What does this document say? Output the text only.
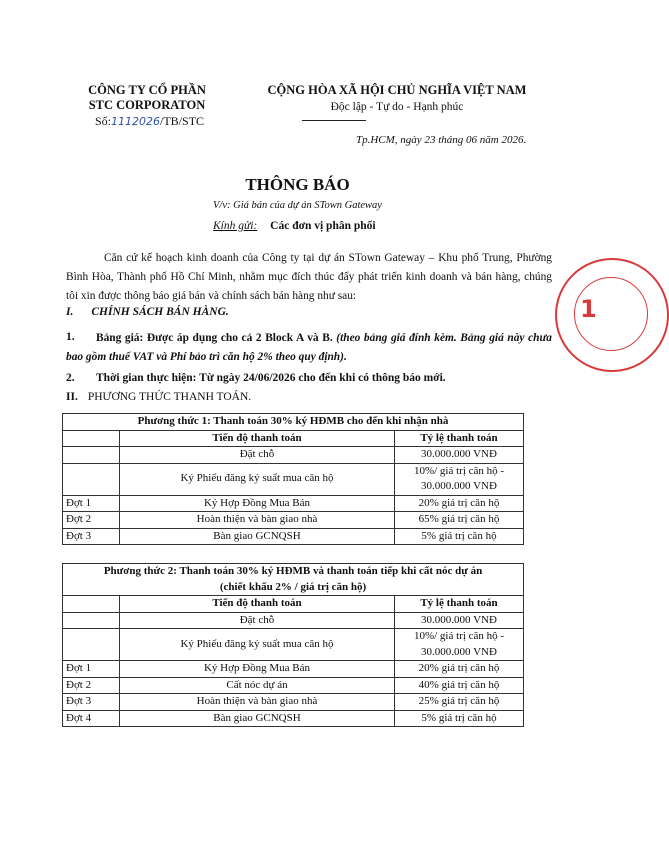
CÔNG TY CỔ PHẦN
STC CORPORATON
Số:1112026/TB/STC
CỘNG HÒA XÃ HỘI CHỦ NGHĨA VIỆT NAM
Độc lập - Tự do - Hạnh phúc
Tp.HCM, ngày 23 tháng 06 năm 2026.
THÔNG BÁO
V/v: Giá bán của dự án STown Gateway
Kính gửi: Các đơn vị phân phối

Căn cứ kế hoạch kinh doanh của Công ty tại dự án STown Gateway – Khu phố Trung, Phường Bình Hòa, Thành phố Hồ Chí Minh, nhằm mục đích thúc đẩy phát triển kinh doanh và bán hàng, chúng tôi xin được thông báo giá bán và chính sách bán hàng như sau:

I. CHÍNH SÁCH BÁN HÀNG.
1.	Bảng giá: Được áp dụng cho cả 2 Block A và B. (theo bảng giá đính kèm. Bảng giá này chưa bao gồm thuế VAT và Phí bảo trì căn hộ 2% theo quy định).

2. Thời gian thực hiện: Từ ngày 24/06/2026 cho đến khi có thông báo mới.
II. PHƯƠNG THỨC THANH TOÁN.
Phương thức 1: Thanh toán 30% ký HĐMB cho đến khi nhận nhà		
	Tiến độ thanh toán	Tỷ lệ thanh toán
	Đặt chỗ	30.000.000 VNĐ
	Ký Phiếu đăng ký suất mua căn hộ	10%/ giá trị căn hộ - 30.000.000 VNĐ
Đợt 1	Ký Hợp Đồng Mua Bán	20% giá trị căn hộ
Đợt 2	Hoàn thiện và bàn giao nhà	65% giá trị căn hộ
Đợt 3	Bàn giao GCNQSH	5% giá trị căn hộ
Phương thức 2: Thanh toán 30% ký HĐMB và thanh toán tiếp khi cất nóc dự án (chiết khấu 2% / giá trị căn hộ)		
	Tiến độ thanh toán	Tỷ lệ thanh toán
	Đặt chỗ	30.000.000 VNĐ
	Ký Phiếu đăng ký suất mua căn hộ	10%/ giá trị căn hộ - 30.000.000 VNĐ
Đợt 1	Ký Hợp Đồng Mua Bán	20% giá trị căn hộ
Đợt 2	Cất nóc dự án	40% giá trị căn hộ
Đợt 3	Hoàn thiện và bàn giao nhà	25% giá trị căn hộ
Đợt 4	Bàn giao GCNQSH	5% giá trị căn hộ
1
